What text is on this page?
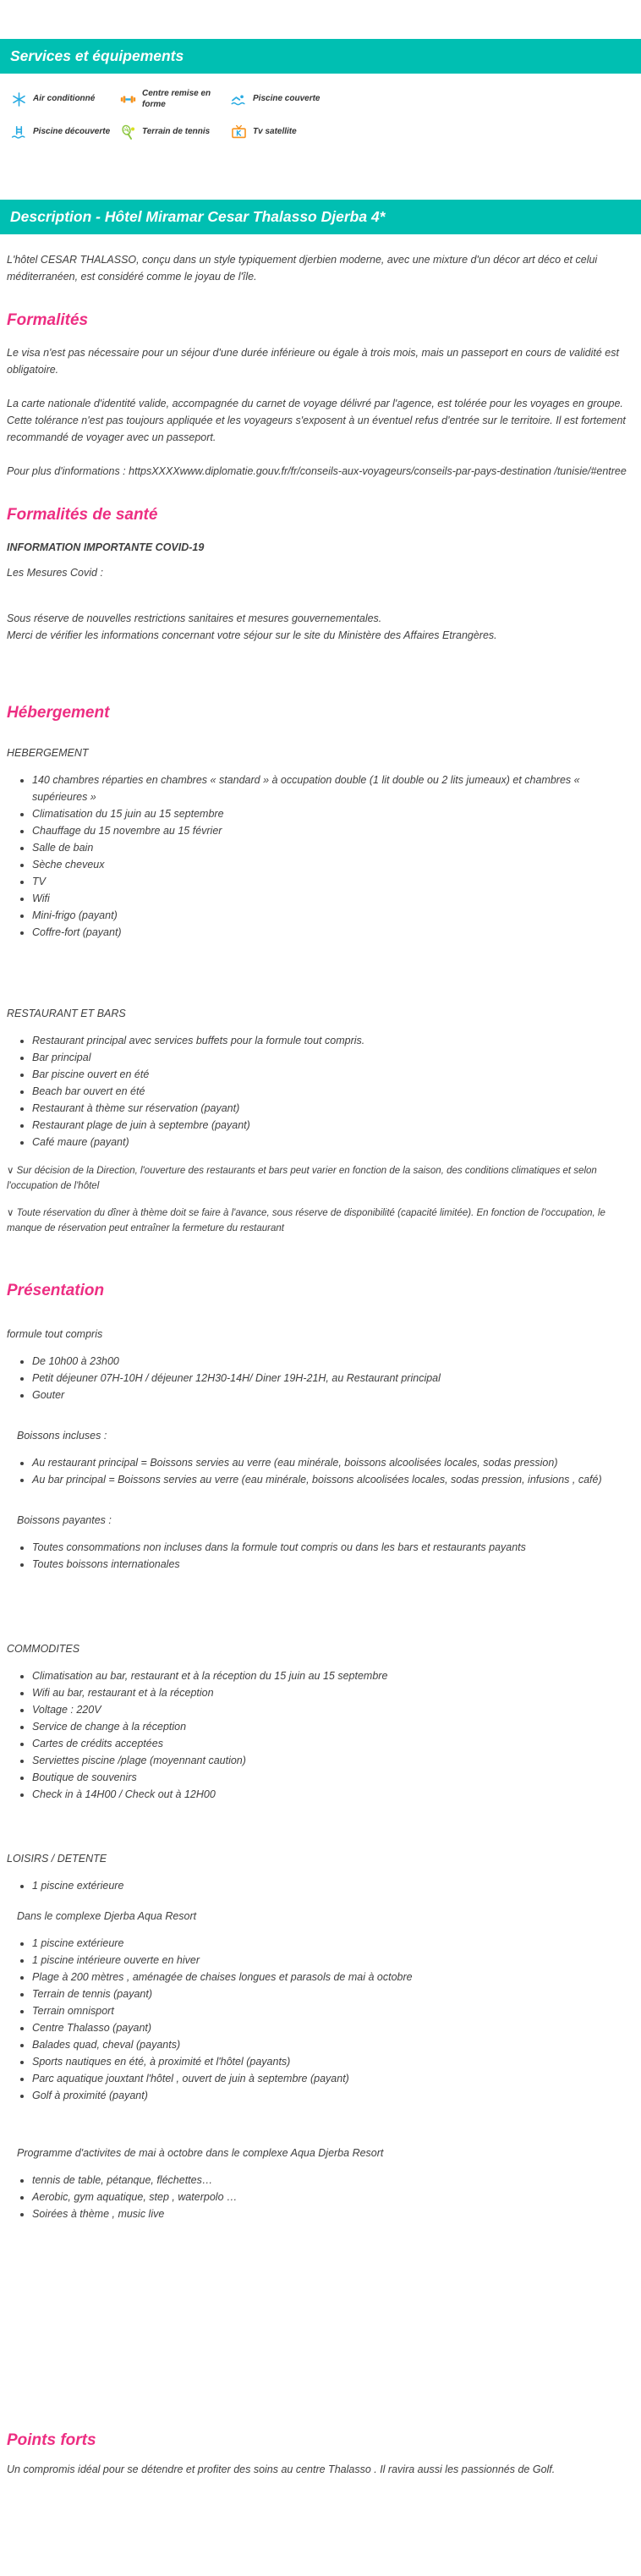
Services et équipements
Air conditionné
Centre remise en forme
Piscine couverte
Piscine découverte	Terrain de tennis	Tv satellite
Description - Hôtel Miramar Cesar Thalasso Djerba 4*

L'hôtel CESAR THALASSO, conçu dans un style typiquement djerbien moderne, avec une mixture d'un décor art déco et celui méditerranéen, est considéré comme le joyau de l'île.

Formalités

Le visa n'est pas nécessaire pour un séjour d'une durée inférieure ou égale à trois mois, mais un passeport en cours de validité est obligatoire.

La carte nationale d'identité valide, accompagnée du carnet de voyage délivré par l'agence, est tolérée pour les voyages en groupe. Cette tolérance n'est pas toujours appliquée et les voyageurs s'exposent à un éventuel refus d'entrée sur le territoire. Il est fortement recommandé de voyager avec un passeport.

Pour plus d'informations : httpsXXXXwww.diplomatie.gouv.fr/fr/conseils-aux-voyageurs/conseils-par-pays-destination /tunisie/#entree

Formalités de santé

INFORMATION IMPORTANTE COVID-19

Les Mesures Covid :

Sous réserve de nouvelles restrictions sanitaires et mesures gouvernementales.

Merci de vérifier les informations concernant votre séjour sur le site du Ministère des Affaires Etrangères.

Hébergement

HEBERGEMENT

• 140 chambres réparties en chambres « standard » à occupation double (1 lit double ou 2 lits jumeaux) et chambres « supérieures »
• Climatisation du 15 juin au 15 septembre
• Chauffage du 15 novembre au 15 février
• Salle de bain
• Sèche cheveux
• TV
• Wifi
• Mini-frigo (payant)
• Coffre-fort (payant)

RESTAURANT ET BARS

• Restaurant principal avec services buffets pour la formule tout compris.
• Bar principal
• Bar piscine ouvert en été
• Beach bar ouvert en été
• Restaurant à thème sur réservation (payant)
• Restaurant plage de juin à septembre (payant)
• Café maure (payant)

∨ Sur décision de la Direction, l'ouverture des restaurants et bars peut varier en fonction de la saison, des conditions climatiques et selon l'occupation de l'hôtel

∨ Toute réservation du dîner à thème doit se faire à l'avance, sous réserve de disponibilité (capacité limitée). En fonction de l'occupation, le manque de réservation peut entraîner la fermeture du restaurant

Présentation

formule tout compris

• De 10h00 à 23h00
• Petit déjeuner 07H-10H / déjeuner 12H30-14H/ Diner 19H-21H, au Restaurant principal
• Gouter

Boissons incluses :

• Au restaurant principal = Boissons servies au verre (eau minérale, boissons alcoolisées locales, sodas pression)
• Au bar principal = Boissons servies au verre (eau minérale, boissons alcoolisées locales, sodas pression, infusions , café)

Boissons payantes :

• Toutes consommations non incluses dans la formule tout compris ou dans les bars et restaurants payants
• Toutes boissons internationales

COMMODITES

• Climatisation au bar, restaurant et à la réception du 15 juin au 15 septembre
• Wifi au bar, restaurant et à la réception
• Voltage : 220V
• Service de change à la réception
• Cartes de crédits acceptées
• Serviettes piscine /plage (moyennant caution)
• Boutique de souvenirs
• Check in à 14H00 / Check out à 12H00

LOISIRS / DETENTE

• 1 piscine extérieure

Dans le complexe Djerba Aqua Resort

• 1 piscine extérieure
• 1 piscine intérieure ouverte en hiver
• Plage à 200 mètres , aménagée de chaises longues et parasols de mai à octobre
• Terrain de tennis (payant)
• Terrain omnisport
• Centre Thalasso (payant)
• Balades quad, cheval (payants)
• Sports nautiques en été, à proximité et l'hôtel (payants)
• Parc aquatique jouxtant l'hôtel , ouvert de juin à septembre (payant)
• Golf à proximité (payant)

Programme d'activites de mai à octobre dans le complexe Aqua Djerba Resort

• tennis de table, pétanque, fléchettes…
• Aerobic, gym aquatique, step , waterpolo …
• Soirées à thème , music live
Points forts

Un compromis idéal pour se détendre et profiter des soins au centre Thalasso . Il ravira aussi les passionnés de Golf.
